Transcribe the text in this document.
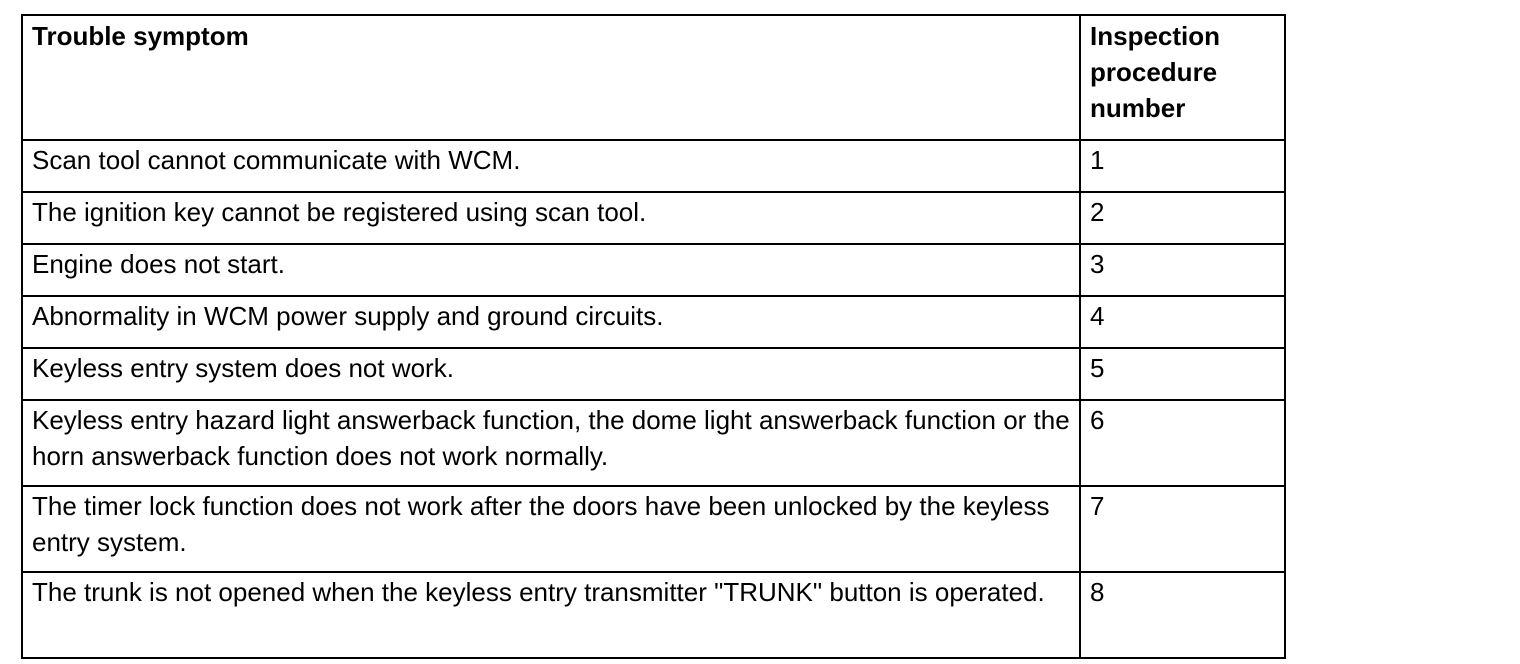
Trouble symptom	Inspection
procedure
number

Scan tool cannot communicate with WCM.	1
The ignition key cannot be registered using scan tool.	2
Engine does not start.	3
Abnormality in WCM power supply and ground circuits.	4
Keyless entry system does not work.	5
Keyless entry hazard light answerback function, the dome light answerback function or the horn answerback function does not work normally.	6
The timer lock function does not work after the doors have been unlocked by the keyless entry system.	7
The trunk is not opened when the keyless entry transmitter "TRUNK" button is operated.	8
